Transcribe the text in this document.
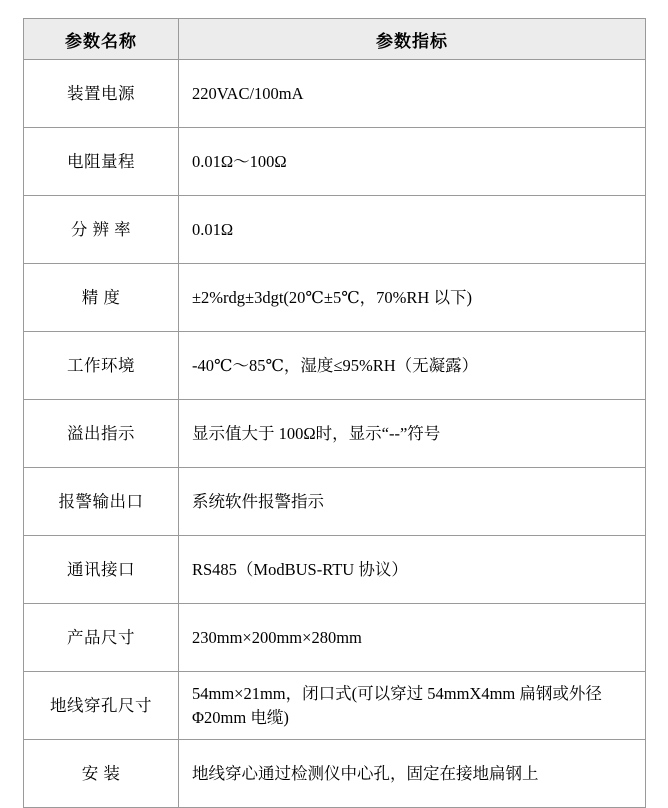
参数名称	参数指标
装置电源	220VAC/100mA
电阻量程	0.01Ω～100Ω
分 辨 率	0.01Ω
精 度	±2%rdg±3dgt(20℃±5℃，70%RH 以下)
工作环境	-40℃～85℃，湿度≤95%RH（无凝露）
溢出指示	显示值大于 100Ω时，显示“--”符号
报警输出口	系统软件报警指示
通讯接口	RS485（ModBUS-RTU 协议）
产品尺寸	230mm×200mm×280mm
地线穿孔尺寸	54mm×21mm，闭口式(可以穿过 54mmX4mm 扁钢或外径Φ20mm 电缆)
安 装	地线穿心通过检测仪中心孔，固定在接地扁钢上
